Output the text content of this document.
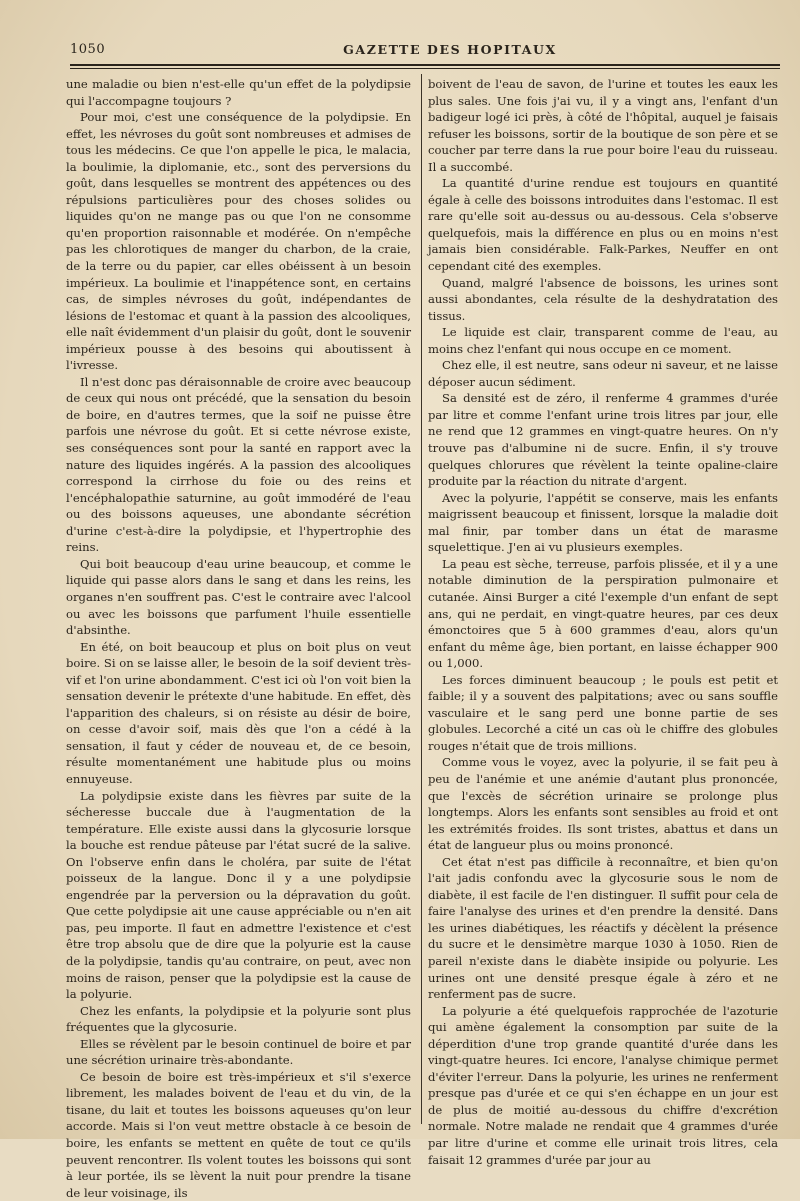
1050	GAZETTE DES HOPITAUX

une maladie ou bien n'est-elle qu'un effet de la polydipsie qui l'accompagne toujours ?

Pour moi, c'est une conséquence de la polydipsie. En effet, les névroses du goût sont nombreuses et admises de tous les médecins. Ce que l'on appelle le pica, le malacia, la boulimie, la diplomanie, etc., sont des perversions du goût, dans lesquelles se montrent des appétences ou des répulsions particulières pour des choses solides ou liquides qu'on ne mange pas ou que l'on ne consomme qu'en proportion raisonnable et modérée. On n'empêche pas les chlorotiques de manger du charbon, de la craie, de la terre ou du papier, car elles obéissent à un besoin impérieux. La boulimie et l'inappétence sont, en certains cas, de simples névroses du goût, indépendantes de lésions de l'estomac et quant à la passion des alcooliques, elle naît évidemment d'un plaisir du goût, dont le souvenir impérieux pousse à des besoins qui aboutissent à l'ivresse.

Il n'est donc pas déraisonnable de croire avec beaucoup de ceux qui nous ont précédé, que la sensation du besoin de boire, en d'autres termes, que la soif ne puisse être parfois une névrose du goût. Et si cette névrose existe, ses conséquences sont pour la santé en rapport avec la nature des liquides ingérés. A la passion des alcooliques correspond la cirrhose du foie ou des reins et l'encéphalopathie saturnine, au goût immodéré de l'eau ou des boissons aqueuses, une abondante sécrétion d'urine c'est-à-dire la polydipsie, et l'hypertrophie des reins.

Qui boit beaucoup d'eau urine beaucoup, et comme le liquide qui passe alors dans le sang et dans les reins, les organes n'en souffrent pas. C'est le contraire avec l'alcool ou avec les boissons que parfument l'huile essentielle d'absinthe.

En été, on boit beaucoup et plus on boit plus on veut boire. Si on se laisse aller, le besoin de la soif devient très-vif et l'on urine abondamment. C'est ici où l'on voit bien la sensation devenir le prétexte d'une habitude. En effet, dès l'apparition des chaleurs, si on résiste au désir de boire, on cesse d'avoir soif, mais dès que l'on a cédé à la sensation, il faut y céder de nouveau et, de ce besoin, résulte momentanément une habitude plus ou moins ennuyeuse.

La polydipsie existe dans les fièvres par suite de la sécheresse buccale due à l'augmentation de la température. Elle existe aussi dans la glycosurie lorsque la bouche est rendue pâteuse par l'état sucré de la salive. On l'observe enfin dans le choléra, par suite de l'état poisseux de la langue. Donc il y a une polydipsie engendrée par la perversion ou la dépravation du goût. Que cette polydipsie ait une cause appréciable ou n'en ait pas, peu importe. Il faut en admettre l'existence et c'est être trop absolu que de dire que la polyurie est la cause de la polydipsie, tandis qu'au contraire, on peut, avec non moins de raison, penser que la polydipsie est la cause de la polyurie.

Chez les enfants, la polydipsie et la polyurie sont plus fréquentes que la glycosurie.

Elles se révèlent par le besoin continuel de boire et par une sécrétion urinaire très-abondante.

Ce besoin de boire est très-impérieux et s'il s'exerce librement, les malades boivent de l'eau et du vin, de la tisane, du lait et toutes les boissons aqueuses qu'on leur accorde. Mais si l'on veut mettre obstacle à ce besoin de boire, les enfants se mettent en quête de tout ce qu'ils peuvent rencontrer. Ils volent toutes les boissons qui sont à leur portée, ils se lèvent la nuit pour prendre la tisane de leur voisinage, ils

boivent de l'eau de savon, de l'urine et toutes les eaux les plus sales. Une fois j'ai vu, il y a vingt ans, l'enfant d'un badigeur logé ici près, à côté de l'hôpital, auquel je faisais refuser les boissons, sortir de la boutique de son père et se coucher par terre dans la rue pour boire l'eau du ruisseau. Il a succombé.

La quantité d'urine rendue est toujours en quantité égale à celle des boissons introduites dans l'estomac. Il est rare qu'elle soit au-dessus ou au-dessous. Cela s'observe quelquefois, mais la différence en plus ou en moins n'est jamais bien considérable. Falk-Parkes, Neuffer en ont cependant cité des exemples.

Quand, malgré l'absence de boissons, les urines sont aussi abondantes, cela résulte de la deshydratation des tissus.

Le liquide est clair, transparent comme de l'eau, au moins chez l'enfant qui nous occupe en ce moment.

Chez elle, il est neutre, sans odeur ni saveur, et ne laisse déposer aucun sédiment.

Sa densité est de zéro, il renferme 4 grammes d'urée par litre et comme l'enfant urine trois litres par jour, elle ne rend que 12 grammes en vingt-quatre heures. On n'y trouve pas d'albumine ni de sucre. Enfin, il s'y trouve quelques chlorures que révèlent la teinte opaline-claire produite par la réaction du nitrate d'argent.

Avec la polyurie, l'appétit se conserve, mais les enfants maigrissent beaucoup et finissent, lorsque la maladie doit mal finir, par tomber dans un état de marasme squelettique. J'en ai vu plusieurs exemples.

La peau est sèche, terreuse, parfois plissée, et il y a une notable diminution de la perspiration pulmonaire et cutanée. Ainsi Burger a cité l'exemple d'un enfant de sept ans, qui ne perdait, en vingt-quatre heures, par ces deux émonctoires que 5 à 600 grammes d'eau, alors qu'un enfant du même âge, bien portant, en laisse échapper 900 ou 1,000.

Les forces diminuent beaucoup ; le pouls est petit et faible; il y a souvent des palpitations; avec ou sans souffle vasculaire et le sang perd une bonne partie de ses globules. Lecorché a cité un cas où le chiffre des globules rouges n'était que de trois millions.

Comme vous le voyez, avec la polyurie, il se fait peu à peu de l'anémie et une anémie d'autant plus prononcée, que l'excès de sécrétion urinaire se prolonge plus longtemps. Alors les enfants sont sensibles au froid et ont les extrémités froides. Ils sont tristes, abattus et dans un état de langueur plus ou moins prononcé.

Cet état n'est pas difficile à reconnaître, et bien qu'on l'ait jadis confondu avec la glycosurie sous le nom de diabète, il est facile de l'en distinguer. Il suffit pour cela de faire l'analyse des urines et d'en prendre la densité. Dans les urines diabétiques, les réactifs y décèlent la présence du sucre et le densimètre marque 1030 à 1050. Rien de pareil n'existe dans le diabète insipide ou polyurie. Les urines ont une densité presque égale à zéro et ne renferment pas de sucre.

La polyurie a été quelquefois rapprochée de l'azoturie qui amène également la consomption par suite de la déperdition d'une trop grande quantité d'urée dans les vingt-quatre heures. Ici encore, l'analyse chimique permet d'éviter l'erreur. Dans la polyurie, les urines ne renferment presque pas d'urée et ce qui s'en échappe en un jour est de plus de moitié au-dessous du chiffre d'excrétion normale. Notre malade ne rendait que 4 grammes d'urée par litre d'urine et comme elle urinait trois litres, cela faisait 12 grammes d'urée par jour au
